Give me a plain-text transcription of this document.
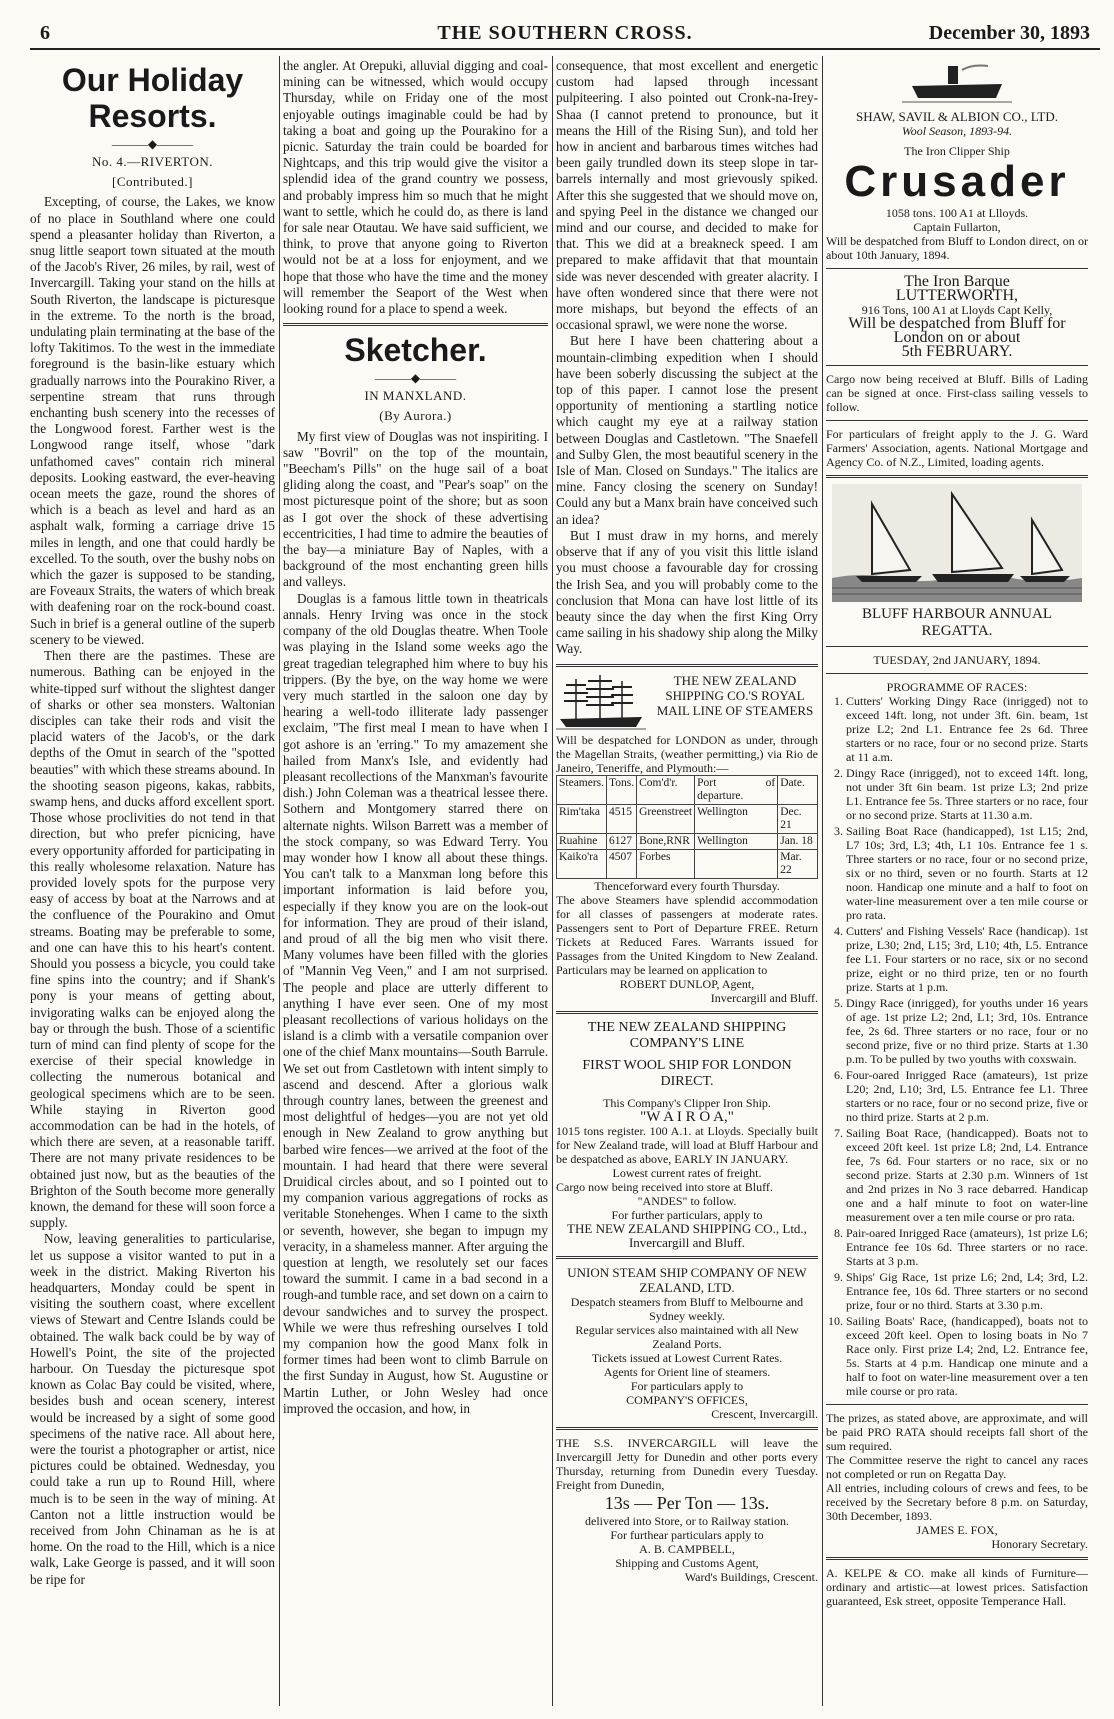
6	THE SOUTHERN CROSS.	December 30, 1893
Our Holiday Resorts.
———◆———
No. 4.—RIVERTON.
[Contributed.]

Excepting, of course, the Lakes, we know of no place in Southland where one could spend a pleasanter holiday than Riverton, a snug little seaport town situated at the mouth of the Jacob's River, 26 miles, by rail, west of Invercargill. Taking your stand on the hills at South Riverton, the landscape is picturesque in the extreme. To the north is the broad, undulating plain terminating at the base of the lofty Takitimos. To the west in the immediate foreground is the basin-like estuary which gradually narrows into the Pourakino River, a serpentine stream that runs through enchanting bush scenery into the recesses of the Longwood forest. Farther west is the Longwood range itself, whose "dark unfathomed caves" contain rich mineral deposits. Looking eastward, the ever-heaving ocean meets the gaze, round the shores of which is a beach as level and hard as an asphalt walk, forming a carriage drive 15 miles in length, and one that could hardly be excelled. To the south, over the bushy nobs on which the gazer is supposed to be standing, are Foveaux Straits, the waters of which break with deafening roar on the rock-bound coast. Such in brief is a general outline of the superb scenery to be viewed.

Then there are the pastimes. These are numerous. Bathing can be enjoyed in the white-tipped surf without the slightest danger of sharks or other sea monsters. Waltonian disciples can take their rods and visit the placid waters of the Jacob's, or the dark depths of the Omut in search of the "spotted beauties" with which these streams abound. In the shooting season pigeons, kakas, rabbits, swamp hens, and ducks afford excellent sport. Those whose proclivities do not tend in that direction, but who prefer picnicing, have every opportunity afforded for participating in this really wholesome relaxation. Nature has provided lovely spots for the purpose very easy of access by boat at the Narrows and at the confluence of the Pourakino and Omut streams. Boating may be preferable to some, and one can have this to his heart's content. Should you possess a bicycle, you could take fine spins into the country; and if Shank's pony is your means of getting about, invigorating walks can be enjoyed along the bay or through the bush. Those of a scientific turn of mind can find plenty of scope for the exercise of their special knowledge in collecting the numerous botanical and geological specimens which are to be seen. While staying in Riverton good accommodation can be had in the hotels, of which there are seven, at a reasonable tariff. There are not many private residences to be obtained just now, but as the beauties of the Brighton of the South become more generally known, the demand for these will soon force a supply.

Now, leaving generalities to particularise, let us suppose a visitor wanted to put in a week in the district. Making Riverton his headquarters, Monday could be spent in visiting the southern coast, where excellent views of Stewart and Centre Islands could be obtained. The walk back could be by way of Howell's Point, the site of the projected harbour. On Tuesday the picturesque spot known as Colac Bay could be visited, where, besides bush and ocean scenery, interest would be increased by a sight of some good specimens of the native race. All about here, were the tourist a photographer or artist, nice pictures could be obtained. Wednesday, you could take a run up to Round Hill, where much is to be seen in the way of mining. At Canton not a little instruction would be received from John Chinaman as he is at home. On the road to the Hill, which is a nice walk, Lake George is passed, and it will soon be ripe for

the angler. At Orepuki, alluvial digging and coal-mining can be witnessed, which would occupy Thursday, while on Friday one of the most enjoyable outings imaginable could be had by taking a boat and going up the Pourakino for a picnic. Saturday the train could be boarded for Nightcaps, and this trip would give the visitor a splendid idea of the grand country we possess, and probably impress him so much that he might want to settle, which he could do, as there is land for sale near Otautau. We have said sufficient, we think, to prove that anyone going to Riverton would not be at a loss for enjoyment, and we hope that those who have the time and the money will remember the Seaport of the West when looking round for a place to spend a week.

Sketcher.
———◆———
IN MANXLAND.
(By Aurora.)

My first view of Douglas was not inspiriting. I saw "Bovril" on the top of the mountain, "Beecham's Pills" on the huge sail of a boat gliding along the coast, and "Pear's soap" on the most picturesque point of the shore; but as soon as I got over the shock of these advertising eccentricities, I had time to admire the beauties of the bay—a miniature Bay of Naples, with a background of the most enchanting green hills and valleys.

Douglas is a famous little town in theatricals annals. Henry Irving was once in the stock company of the old Douglas theatre. When Toole was playing in the Island some weeks ago the great tragedian telegraphed him where to buy his trippers. (By the bye, on the way home we were very much startled in the saloon one day by hearing a well-todo illiterate lady passenger exclaim, "The first meal I mean to have when I got ashore is an 'erring." To my amazement she hailed from Manx's Isle, and evidently had pleasant recollections of the Manxman's favourite dish.) John Coleman was a theatrical lessee there. Sothern and Montgomery starred there on alternate nights. Wilson Barrett was a member of the stock company, so was Edward Terry. You may wonder how I know all about these things. You can't talk to a Manxman long before this important information is laid before you, especially if they know you are on the look-out for information. They are proud of their island, and proud of all the big men who visit there. Many volumes have been filled with the glories of "Mannin Veg Veen," and I am not surprised. The people and place are utterly different to anything I have ever seen. One of my most pleasant recollections of various holidays on the island is a climb with a versatile companion over one of the chief Manx mountains—South Barrule. We set out from Castletown with intent simply to ascend and descend. After a glorious walk through country lanes, between the greenest and most delightful of hedges—you are not yet old enough in New Zealand to grow anything but barbed wire fences—we arrived at the foot of the mountain. I had heard that there were several Druidical circles about, and so I pointed out to my companion various aggregations of rocks as veritable Stonehenges. When I came to the sixth or seventh, however, she began to impugn my veracity, in a shameless manner. After arguing the question at length, we resolutely set our faces toward the summit. I came in a bad second in a rough-and tumble race, and set down on a cairn to devour sandwiches and to survey the prospect. While we were thus refreshing ourselves I told my companion how the good Manx folk in former times had been wont to climb Barrule on the first Sunday in August, how St. Augustine or Martin Luther, or John Wesley had once improved the occasion, and how, in

consequence, that most excellent and energetic custom had lapsed through incessant pulpiteering. I also pointed out Cronk-na-Irey-Shaa (I cannot pretend to pronounce, but it means the Hill of the Rising Sun), and told her how in ancient and barbarous times witches had been gaily trundled down its steep slope in tar-barrels internally and most grievously spiked. After this she suggested that we should move on, and spying Peel in the distance we changed our mind and our course, and decided to make for that. This we did at a breakneck speed. I am prepared to make affidavit that that mountain side was never descended with greater alacrity. I have often wondered since that there were not more mishaps, but beyond the effects of an occasional sprawl, we were none the worse.

But here I have been chattering about a mountain-climbing expedition when I should have been soberly discussing the subject at the top of this paper. I cannot lose the present opportunity of mentioning a startling notice which caught my eye at a railway station between Douglas and Castletown. "The Snaefell and Sulby Glen, the most beautiful scenery in the Isle of Man. Closed on Sundays." The italics are mine. Fancy closing the scenery on Sunday! Could any but a Manx brain have conceived such an idea?

But I must draw in my horns, and merely observe that if any of you visit this little island you must choose a favourable day for crossing the Irish Sea, and you will probably come to the conclusion that Mona can have lost little of its beauty since the day when the first King Orry came sailing in his shadowy ship along the Milky Way.

THE NEW ZEALAND SHIPPING CO.'S ROYAL MAIL LINE OF STEAMERS

Will be despatched for LONDON as under, through the Magellan Straits, (weather permitting,) via Rio de Janeiro, Teneriffe, and Plymouth:—

Steamers.	Tons.	Com'd'r.	Port of departure.	Date.
Rim'taka	4515	Greenstreet	Wellington	Dec. 21
Ruahine	6127	Bone,RNR	Wellington	Jan. 18
Kaiko'ra	4507	Forbes		Mar. 22

Thenceforward every fourth Thursday.

The above Steamers have splendid accommodation for all classes of passengers at moderate rates. Passengers sent to Port of Departure FREE. Return Tickets at Reduced Fares. Warrants issued for Passages from the United Kingdom to New Zealand. Particulars may be learned on application to

ROBERT DUNLOP, Agent,

Invercargill and Bluff.

THE NEW ZEALAND SHIPPING COMPANY'S LINE
FIRST WOOL SHIP FOR LONDON DIRECT.

This Company's Clipper Iron Ship.

"W A I R O A,"

1015 tons register. 100 A.1. at Lloyds. Specially built for New Zealand trade, will load at Bluff Harbour and be despatched as above, EARLY IN JANUARY.

Lowest current rates of freight.

Cargo now being received into store at Bluff.

"ANDES" to follow.

For further particulars, apply to

THE NEW ZEALAND SHIPPING CO., Ltd., Invercargill and Bluff.

UNION STEAM SHIP COMPANY OF NEW ZEALAND, LTD.

Despatch steamers from Bluff to Melbourne and Sydney weekly.

Regular services also maintained with all New Zealand Ports.

Tickets issued at Lowest Current Rates.

Agents for Orient line of steamers.

For particulars apply to

COMPANY'S OFFICES,

Crescent, Invercargill.

THE S.S. INVERCARGILL will leave the Invercargill Jetty for Dunedin and other ports every Thursday, returning from Dunedin every Tuesday. Freight from Dunedin,

13s — Per Ton — 13s.

delivered into Store, or to Railway station.

For furthear particulars apply to

A. B. CAMPBELL,

Shipping and Customs Agent,

Ward's Buildings, Crescent.

SHAW, SAVIL & ALBION CO., LTD.

Wool Season, 1893-94.

The Iron Clipper Ship

Crusader

1058 tons. 100 A1 at Llloyds.

Captain Fullarton,

Will be despatched from Bluff to London direct, on or about 10th January, 1894.

The Iron Barque

LUTTERWORTH,

916 Tons, 100 A1 at Lloyds Capt Kelly,

Will be despatched from Bluff for London on or about

5th FEBRUARY.

Cargo now being received at Bluff. Bills of Lading can be signed at once. First-class sailing vessels to follow.

For particulars of freight apply to the J. G. Ward Farmers' Association, agents. National Mortgage and Agency Co. of N.Z., Limited, loading agents.

BLUFF HARBOUR ANNUAL REGATTA.

TUESDAY, 2nd JANUARY, 1894.

PROGRAMME OF RACES:

1. Cutters' Working Dingy Race (inrigged) not to exceed 14ft. long, not under 3ft. 6in. beam, 1st prize L2; 2nd L1. Entrance fee 2s 6d. Three starters or no race, four or no second prize. Starts at 11 a.m.
2. Dingy Race (inrigged), not to exceed 14ft. long, not under 3ft 6in beam. 1st prize L3; 2nd prize L1. Entrance fee 5s. Three starters or no race, four or no second prize. Starts at 11.30 a.m.
3. Sailing Boat Race (handicapped), 1st L15; 2nd, L7 10s; 3rd, L3; 4th, L1 10s. Entrance fee 1 s. Three starters or no race, four or no second prize, six or no third, seven or no fourth. Starts at 12 noon. Handicap one minute and a half to foot on water-line measurement over a ten mile course or pro rata.
4. Cutters' and Fishing Vessels' Race (handicap). 1st prize, L30; 2nd, L15; 3rd, L10; 4th, L5. Entrance fee L1. Four starters or no race, six or no second prize, eight or no third prize, ten or no fourth prize. Starts at 1 p.m.
5. Dingy Race (inrigged), for youths under 16 years of age. 1st prize L2; 2nd, L1; 3rd, 10s. Entrance fee, 2s 6d. Three starters or no race, four or no second prize, five or no third prize. Starts at 1.30 p.m. To be pulled by two youths with coxswain.
6. Four-oared Inrigged Race (amateurs), 1st prize L20; 2nd, L10; 3rd, L5. Entrance fee L1. Three starters or no race, four or no second prize, five or no third prize. Starts at 2 p.m.
7. Sailing Boat Race, (handicapped). Boats not to exceed 20ft keel. 1st prize L8; 2nd, L4. Entrance fee, 7s 6d. Four starters or no race, six or no second prize. Starts at 2.30 p.m. Winners of 1st and 2nd prizes in No 3 race debarred. Handicap one and a half minute to foot on water-line measurement over a ten mile course or pro rata.
8. Pair-oared Inrigged Race (amateurs), 1st prize L6; Entrance fee 10s 6d. Three starters or no race. Starts at 3 p.m.
9. Ships' Gig Race, 1st prize L6; 2nd, L4; 3rd, L2. Entrance fee, 10s 6d. Three starters or no second prize, four or no third. Starts at 3.30 p.m.
10. Sailing Boats' Race, (handicapped), boats not to exceed 20ft keel. Open to losing boats in No 7 Race only. First prize L4; 2nd, L2. Entrance fee, 5s. Starts at 4 p.m. Handicap one minute and a half to foot on water-line measurement over a ten mile course or pro rata.

The prizes, as stated above, are approximate, and will be paid PRO RATA should receipts fall short of the sum required.

The Committee reserve the right to cancel any races not completed or run on Regatta Day.

All entries, including colours of crews and fees, to be received by the Secretary before 8 p.m. on Saturday, 30th December, 1893.

JAMES E. FOX,

Honorary Secretary.

A. KELPE & CO. make all kinds of Furniture—ordinary and artistic—at lowest prices. Satisfaction guaranteed, Esk street, opposite Temperance Hall.
